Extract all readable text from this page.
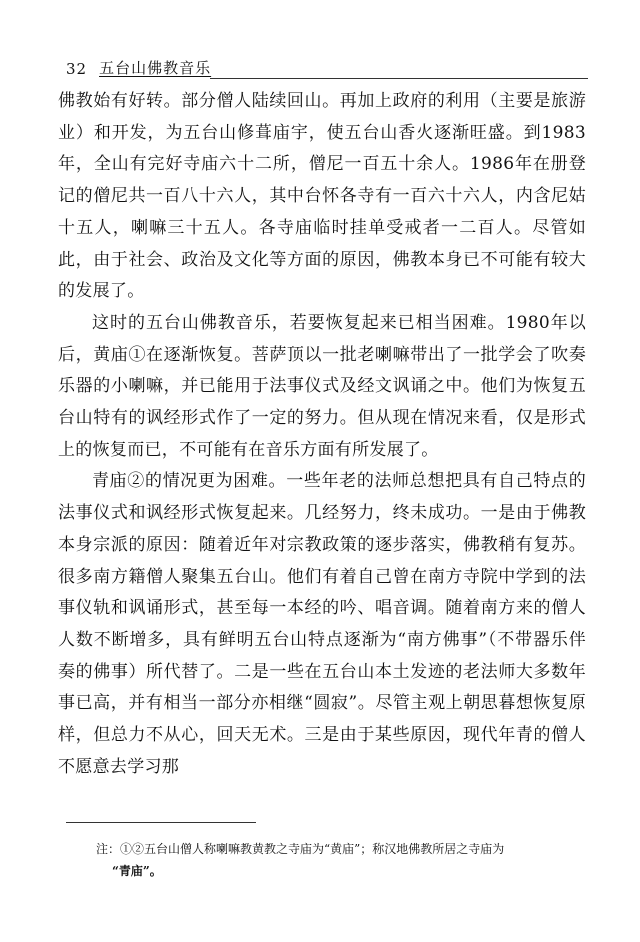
32 五台山佛教音乐

佛教始有好转。部分僧人陆续回山。再加上政府的利用（主要是旅游业）和开发，为五台山修葺庙宇，使五台山香火逐渐旺盛。到1983年，全山有完好寺庙六十二所，僧尼一百五十余人。1986年在册登记的僧尼共一百八十六人，其中台怀各寺有一百六十六人，内含尼姑十五人，喇嘛三十五人。各寺庙临时挂单受戒者一二百人。尽管如此，由于社会、政治及文化等方面的原因，佛教本身已不可能有较大的发展了。

这时的五台山佛教音乐，若要恢复起来已相当困难。1980年以后，黄庙①在逐渐恢复。菩萨顶以一批老喇嘛带出了一批学会了吹奏乐器的小喇嘛，并已能用于法事仪式及经文讽诵之中。他们为恢复五台山特有的讽经形式作了一定的努力。但从现在情况来看，仅是形式上的恢复而已，不可能有在音乐方面有所发展了。

青庙②的情况更为困难。一些年老的法师总想把具有自己特点的法事仪式和讽经形式恢复起来。几经努力，终未成功。一是由于佛教本身宗派的原因：随着近年对宗教政策的逐步落实，佛教稍有复苏。很多南方籍僧人聚集五台山。他们有着自己曾在南方寺院中学到的法事仪轨和讽诵形式，甚至每一本经的吟、唱音调。随着南方来的僧人人数不断增多，具有鲜明五台山特点逐渐为“南方佛事”（不带器乐伴奏的佛事）所代替了。二是一些在五台山本土发迹的老法师大多数年事已高，并有相当一部分亦相继“圆寂”。尽管主观上朝思暮想恢复原样，但总力不从心，回天无术。三是由于某些原因，现代年青的僧人不愿意去学习那

注：①②五台山僧人称喇嘛教黄教之寺庙为“黄庙”；称汉地佛教所居之寺庙为
“青庙”。
